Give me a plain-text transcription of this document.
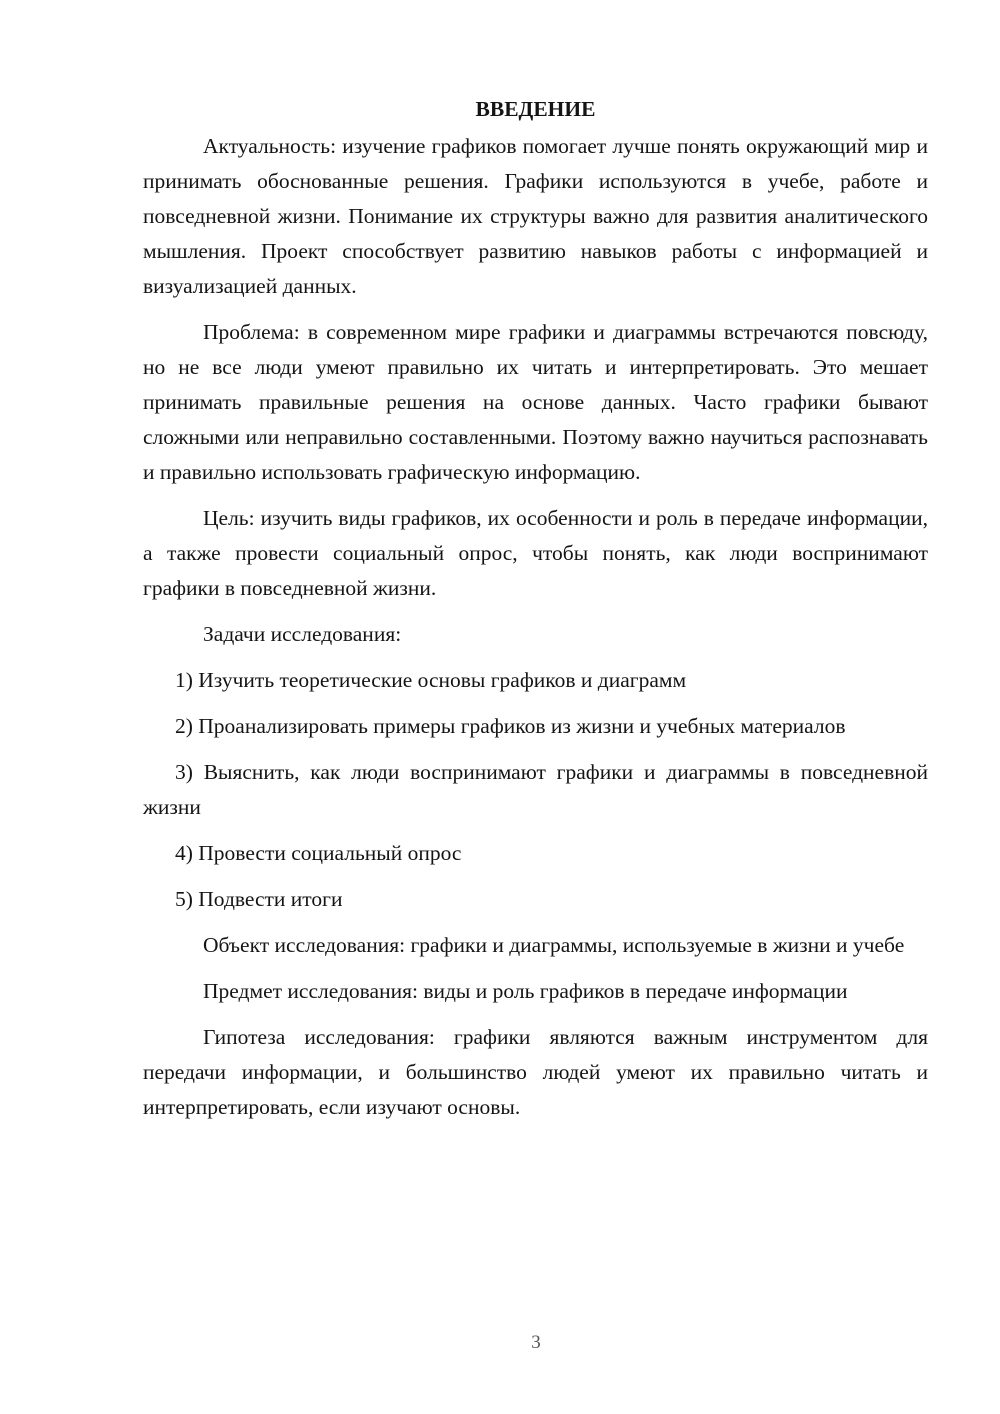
ВВЕДЕНИЕ

Актуальность: изучение графиков помогает лучше понять окружающий мир и принимать обоснованные решения. Графики используются в учебе, работе и повседневной жизни. Понимание их структуры важно для развития аналитического мышления. Проект способствует развитию навыков работы с информацией и визуализацией данных.

Проблема: в современном мире графики и диаграммы встречаются повсюду, но не все люди умеют правильно их читать и интерпретировать. Это мешает принимать правильные решения на основе данных. Часто графики бывают сложными или неправильно составленными. Поэтому важно научиться распознавать и правильно использовать графическую информацию.

Цель: изучить виды графиков, их особенности и роль в передаче информации, а также провести социальный опрос, чтобы понять, как люди воспринимают графики в повседневной жизни.

Задачи исследования:

1) Изучить теоретические основы графиков и диаграмм

2) Проанализировать примеры графиков из жизни и учебных материалов

3) Выяснить, как люди воспринимают графики и диаграммы в повседневной жизни

4) Провести социальный опрос

5) Подвести итоги

Объект исследования: графики и диаграммы, используемые в жизни и учебе

Предмет исследования: виды и роль графиков в передаче информации

Гипотеза исследования: графики являются важным инструментом для передачи информации, и большинство людей умеют их правильно читать и интерпретировать, если изучают основы.

3
